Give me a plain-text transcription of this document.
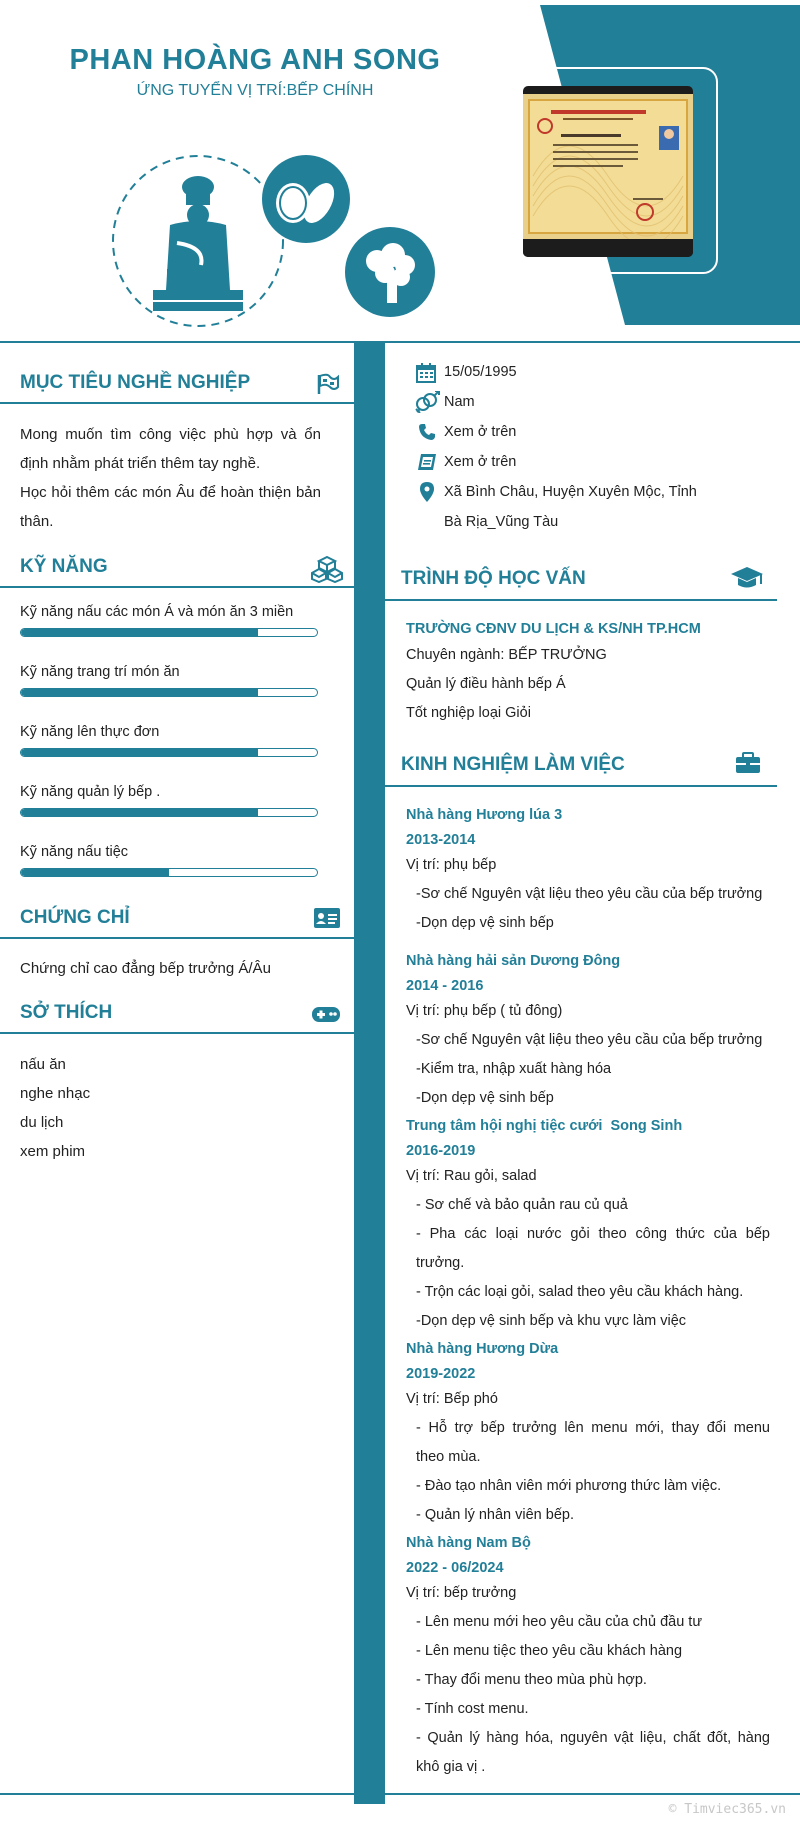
PHAN HOÀNG ANH SONG
ỨNG TUYỂN VỊ TRÍ:BẾP CHÍNH
MỤC TIÊU NGHỀ NGHIỆP
Mong muốn tìm công việc phù hợp và ổn
định nhằm phát triển thêm tay nghề.
Học hỏi thêm các món Âu để hoàn thiện bản
thân.
KỸ NĂNG
Kỹ năng nấu các món Á và món ăn 3 miền
Kỹ năng trang trí món ăn
Kỹ năng lên thực đơn
Kỹ năng quản lý bếp .
Kỹ năng nấu tiệc
CHỨNG CHỈ
Chứng chỉ cao đẳng bếp trưởng Á/Âu
SỞ THÍCH
nấu ăn
nghe nhạc
du lịch
xem phim
15/05/1995
Nam
Xem ở trên
Xem ở trên
Xã Bình Châu, Huyện Xuyên Mộc, Tỉnh
Bà Rịa_Vũng Tàu
TRÌNH ĐỘ HỌC VẤN
TRƯỜNG CĐNV DU LỊCH & KS/NH TP.HCM
Chuyên ngành: BẾP TRƯỞNG
Quản lý điều hành bếp Á
Tốt nghiệp loại Giỏi
KINH NGHIỆM LÀM VIỆC
Nhà hàng Hương lúa 3
2013-2014
Vị trí: phụ bếp
-Sơ chế Nguyên vật liệu theo yêu cầu của bếp trưởng
-Dọn dẹp vệ sinh bếp
Nhà hàng hải sản Dương Đông
2014 - 2016
Vị trí: phụ bếp ( tủ đông)
-Sơ chế Nguyên vật liệu theo yêu cầu của bếp trưởng
-Kiểm tra, nhập xuất hàng hóa
-Dọn dẹp vệ sinh bếp
Trung tâm hội nghị tiệc cưới  Song Sinh
2016-2019
Vị trí: Rau gỏi, salad
- Sơ chế và bảo quản rau củ quả
- Pha các loại nước gỏi theo công thức của bếp
trưởng.
- Trộn các loại gỏi, salad theo yêu cầu khách hàng.
-Dọn dẹp vệ sinh bếp và khu vực làm việc
Nhà hàng Hương Dừa
2019-2022
Vị trí: Bếp phó
- Hỗ trợ bếp trưởng lên menu mới, thay đổi menu
theo mùa.
- Đào tạo nhân viên mới phương thức làm việc.
- Quản lý nhân viên bếp.
Nhà hàng Nam Bộ
2022 - 06/2024
Vị trí: bếp trưởng
- Lên menu mới heo yêu cầu của chủ đầu tư
- Lên menu tiệc theo yêu cầu khách hàng
- Thay đổi menu theo mùa phù hợp.
- Tính cost menu.
- Quản lý hàng hóa, nguyên vật liệu, chất đốt, hàng
khô gia vị .
© Timviec365.vn
